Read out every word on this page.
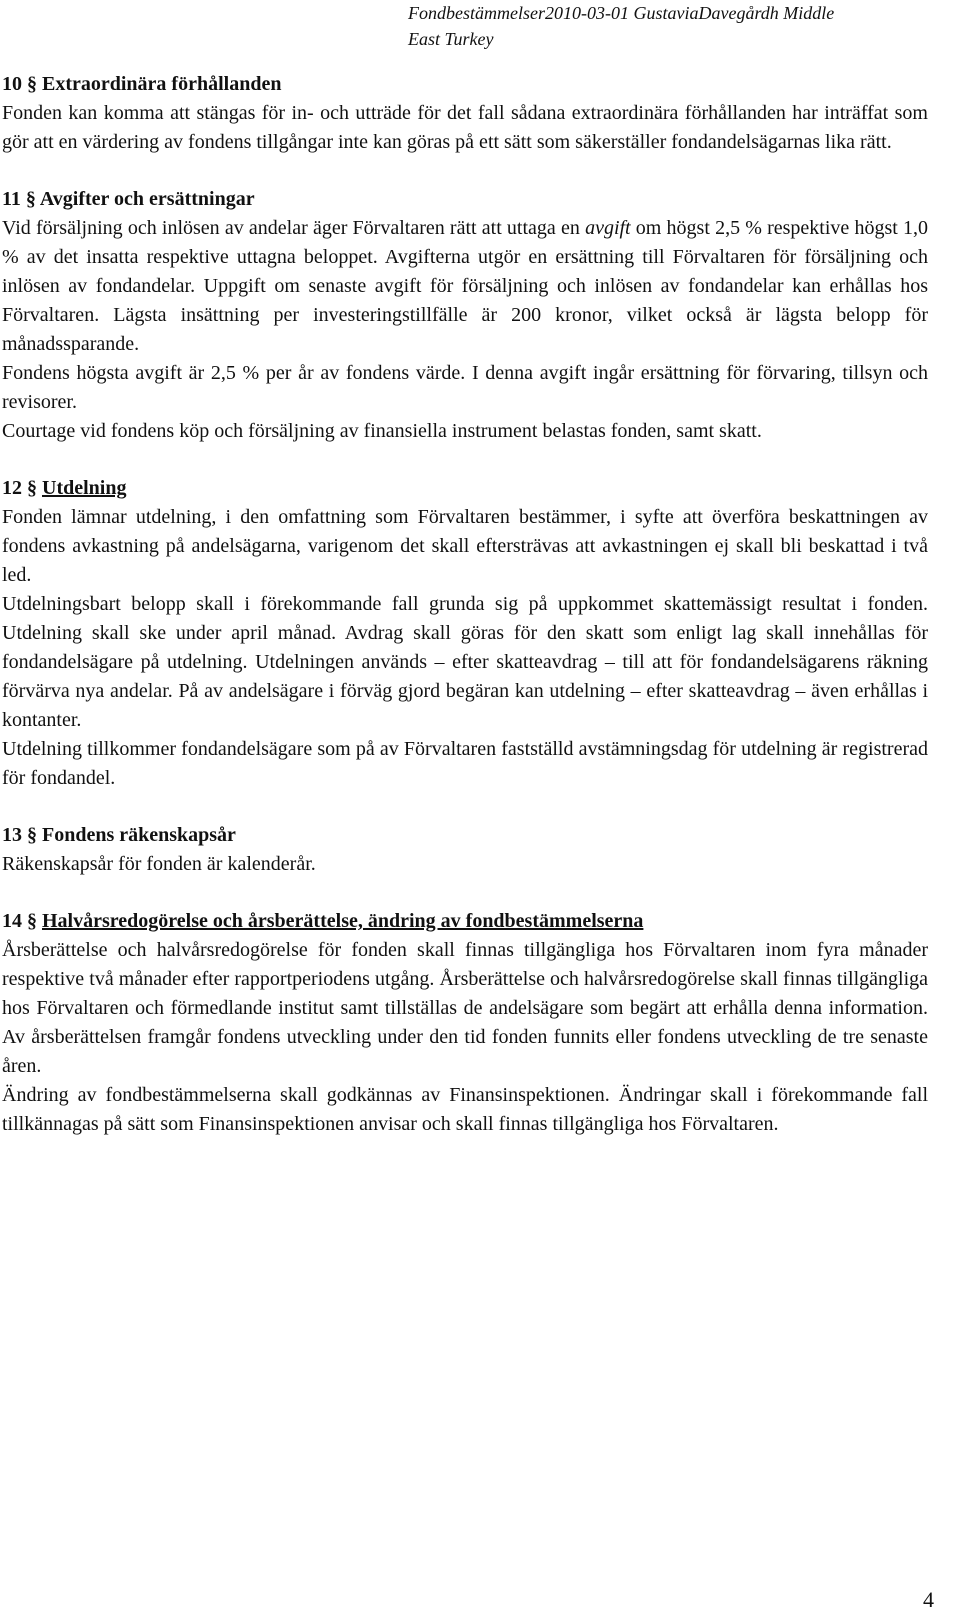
Fondbestämmelser2010-03-01 GustaviaDavegårdh Middle
East Turkey

10 § Extraordinära förhållanden

Fonden kan komma att stängas för in- och utträde för det fall sådana extraordinära förhållanden har inträffat som gör att en värdering av fondens tillgångar inte kan göras på ett sätt som säkerställer fondandelsägarnas lika rätt.

11 § Avgifter och ersättningar

Vid försäljning och inlösen av andelar äger Förvaltaren rätt att uttaga en avgift om högst 2,5 % respektive högst 1,0 % av det insatta respektive uttagna beloppet. Avgifterna utgör en ersättning till Förvaltaren för försäljning och inlösen av fondandelar. Uppgift om senaste avgift för försäljning och inlösen av fondandelar kan erhållas hos Förvaltaren. Lägsta insättning per investeringstillfälle är 200 kronor, vilket också är lägsta belopp för månadssparande.

Fondens högsta avgift är 2,5 % per år av fondens värde. I denna avgift ingår ersättning för förvaring, tillsyn och revisorer.

Courtage vid fondens köp och försäljning av finansiella instrument belastas fonden, samt skatt.

12 § Utdelning

Fonden lämnar utdelning, i den omfattning som Förvaltaren bestämmer, i syfte att överföra beskattningen av fondens avkastning på andelsägarna, varigenom det skall eftersträvas att avkastningen ej skall bli beskattad i två led.

Utdelningsbart belopp skall i förekommande fall grunda sig på uppkommet skattemässigt resultat i fonden. Utdelning skall ske under april månad. Avdrag skall göras för den skatt som enligt lag skall innehållas för fondandelsägare på utdelning. Utdelningen används – efter skatteavdrag – till att för fondandelsägarens räkning förvärva nya andelar. På av andelsägare i förväg gjord begäran kan utdelning – efter skatteavdrag – även erhållas i kontanter.

Utdelning tillkommer fondandelsägare som på av Förvaltaren fastställd avstämningsdag för utdelning är registrerad för fondandel.

13 § Fondens räkenskapsår

Räkenskapsår för fonden är kalenderår.

14 § Halvårsredogörelse och årsberättelse, ändring av fondbestämmelserna

Årsberättelse och halvårsredogörelse för fonden skall finnas tillgängliga hos Förvaltaren inom fyra månader respektive två månader efter rapportperiodens utgång. Årsberättelse och halvårsredogörelse skall finnas tillgängliga hos Förvaltaren och förmedlande institut samt tillställas de andelsägare som begärt att erhålla denna information. Av årsberättelsen framgår fondens utveckling under den tid fonden funnits eller fondens utveckling de tre senaste åren.

Ändring av fondbestämmelserna skall godkännas av Finansinspektionen. Ändringar skall i förekommande fall tillkännagas på sätt som Finansinspektionen anvisar och skall finnas tillgängliga hos Förvaltaren.

4
